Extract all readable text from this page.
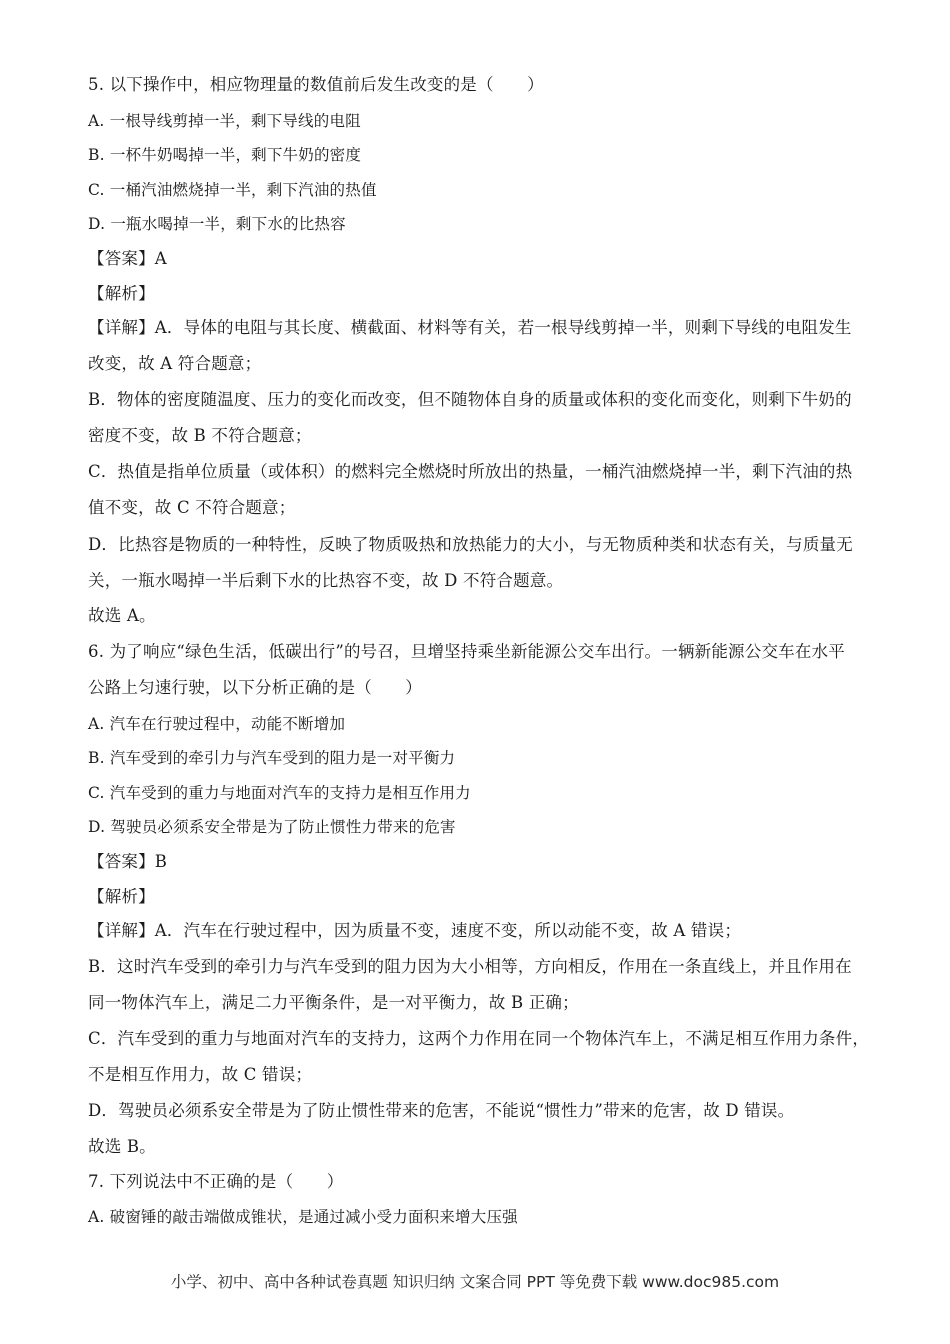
5. 以下操作中，相应物理量的数值前后发生改变的是（　　）
A. 一根导线剪掉一半，剩下导线的电阻
B. 一杯牛奶喝掉一半，剩下牛奶的密度
C. 一桶汽油燃烧掉一半，剩下汽油的热值
D. 一瓶水喝掉一半，剩下水的比热容
【答案】A
【解析】
【详解】A．导体的电阻与其长度、横截面、材料等有关，若一根导线剪掉一半，则剩下导线的电阻发生
改变，故 A 符合题意；
B．物体的密度随温度、压力的变化而改变，但不随物体自身的质量或体积的变化而变化，则剩下牛奶的
密度不变，故 B 不符合题意；
C．热值是指单位质量（或体积）的燃料完全燃烧时所放出的热量，一桶汽油燃烧掉一半，剩下汽油的热
值不变，故 C 不符合题意；
D．比热容是物质的一种特性，反映了物质吸热和放热能力的大小，与无物质种类和状态有关，与质量无
关，一瓶水喝掉一半后剩下水的比热容不变，故 D 不符合题意。
故选 A。
6. 为了响应“绿色生活，低碳出行”的号召，旦增坚持乘坐新能源公交车出行。一辆新能源公交车在水平
公路上匀速行驶，以下分析正确的是（　　）
A. 汽车在行驶过程中，动能不断增加
B. 汽车受到的牵引力与汽车受到的阻力是一对平衡力
C. 汽车受到的重力与地面对汽车的支持力是相互作用力
D. 驾驶员必须系安全带是为了防止惯性力带来的危害
【答案】B
【解析】
【详解】A．汽车在行驶过程中，因为质量不变，速度不变，所以动能不变，故 A 错误；
B．这时汽车受到的牵引力与汽车受到的阻力因为大小相等，方向相反，作用在一条直线上，并且作用在
同一物体汽车上，满足二力平衡条件，是一对平衡力，故 B 正确；
C．汽车受到的重力与地面对汽车的支持力，这两个力作用在同一个物体汽车上，不满足相互作用力条件，
不是相互作用力，故 C 错误；
D．驾驶员必须系安全带是为了防止惯性带来的危害，不能说“惯性力”带来的危害，故 D 错误。
故选 B。
7. 下列说法中不正确的是（　　）
A. 破窗锤的敲击端做成锥状，是通过减小受力面积来增大压强
小学、初中、高中各种试卷真题 知识归纳 文案合同 PPT 等免费下载 www.doc985.com
